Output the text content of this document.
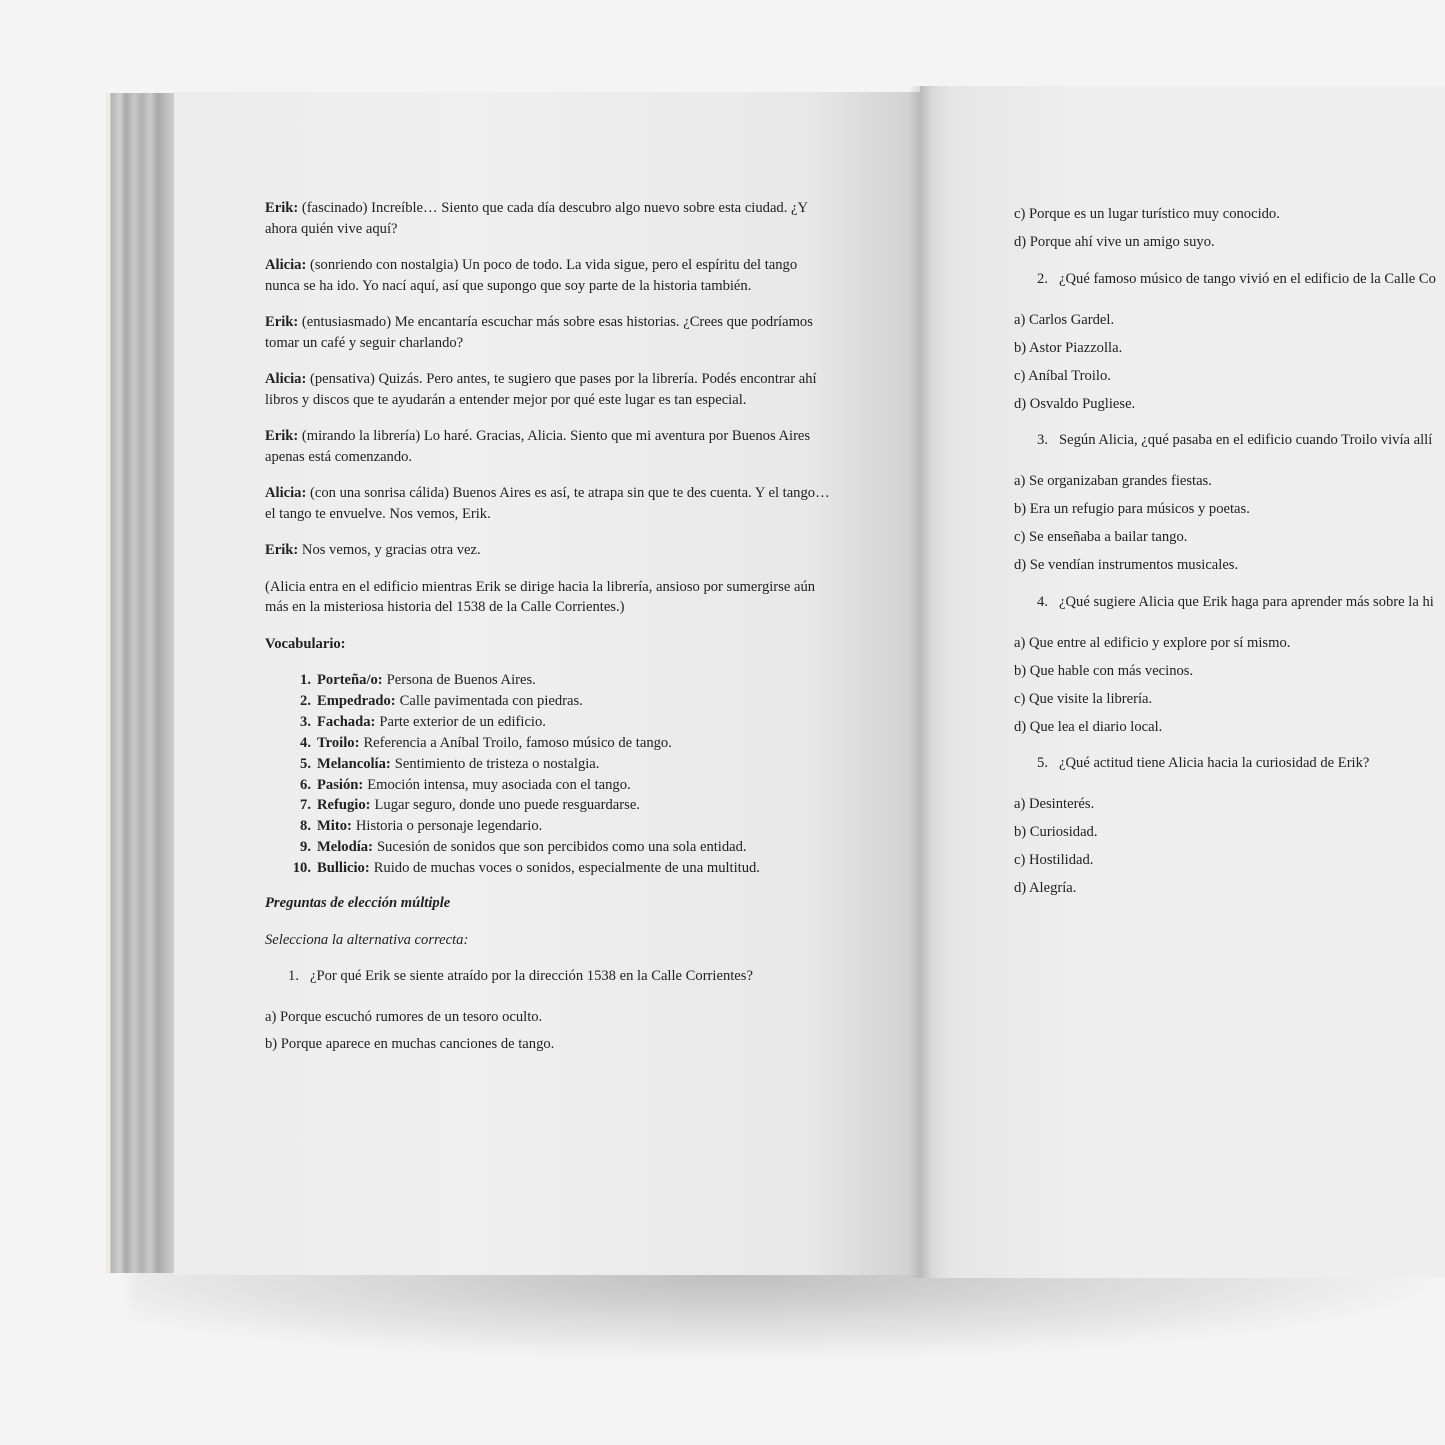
c) Porque es un lugar turístico muy conocido.
d) Porque ahí vive un amigo suyo.
2. ¿Qué famoso músico de tango vivió en el edificio de la Calle Co
a) Carlos Gardel.
b) Astor Piazzolla.
c) Aníbal Troilo.
d) Osvaldo Pugliese.
3. Según Alicia, ¿qué pasaba en el edificio cuando Troilo vivía allí
a) Se organizaban grandes fiestas.
b) Era un refugio para músicos y poetas.
c) Se enseñaba a bailar tango.
d) Se vendían instrumentos musicales.
4. ¿Qué sugiere Alicia que Erik haga para aprender más sobre la hi
a) Que entre al edificio y explore por sí mismo.
b) Que hable con más vecinos.
c) Que visite la librería.
d) Que lea el diario local.
5. ¿Qué actitud tiene Alicia hacia la curiosidad de Erik?
a) Desinterés.
b) Curiosidad.
c) Hostilidad.
d) Alegría.

Erik: (fascinado) Increíble… Siento que cada día descubro algo nuevo sobre esta ciudad. ¿Y ahora quién vive aquí?

Alicia: (sonriendo con nostalgia) Un poco de todo. La vida sigue, pero el espíritu del tango nunca se ha ido. Yo nací aquí, así que supongo que soy parte de la historia también.

Erik: (entusiasmado) Me encantaría escuchar más sobre esas historias. ¿Crees que podríamos tomar un café y seguir charlando?

Alicia: (pensativa) Quizás. Pero antes, te sugiero que pases por la librería. Podés encontrar ahí libros y discos que te ayudarán a entender mejor por qué este lugar es tan especial.

Erik: (mirando la librería) Lo haré. Gracias, Alicia. Siento que mi aventura por Buenos Aires apenas está comenzando.

Alicia: (con una sonrisa cálida) Buenos Aires es así, te atrapa sin que te des cuenta. Y el tango… el tango te envuelve. Nos vemos, Erik.

Erik: Nos vemos, y gracias otra vez.

(Alicia entra en el edificio mientras Erik se dirige hacia la librería, ansioso por sumergirse aún más en la misteriosa historia del 1538 de la Calle Corrientes.)

Vocabulario:
1. Porteña/o: Persona de Buenos Aires.
2. Empedrado: Calle pavimentada con piedras.
3. Fachada: Parte exterior de un edificio.
4. Troilo: Referencia a Aníbal Troilo, famoso músico de tango.
5. Melancolía: Sentimiento de tristeza o nostalgia.
6. Pasión: Emoción intensa, muy asociada con el tango.
7. Refugio: Lugar seguro, donde uno puede resguardarse.
8. Mito: Historia o personaje legendario.
9. Melodía: Sucesión de sonidos que son percibidos como una sola entidad.
10. Bullicio: Ruido de muchas voces o sonidos, especialmente de una multitud.
Preguntas de elección múltiple
Selecciona la alternativa correcta:
1. ¿Por qué Erik se siente atraído por la dirección 1538 en la Calle Corrientes?
a) Porque escuchó rumores de un tesoro oculto.
b) Porque aparece en muchas canciones de tango.
